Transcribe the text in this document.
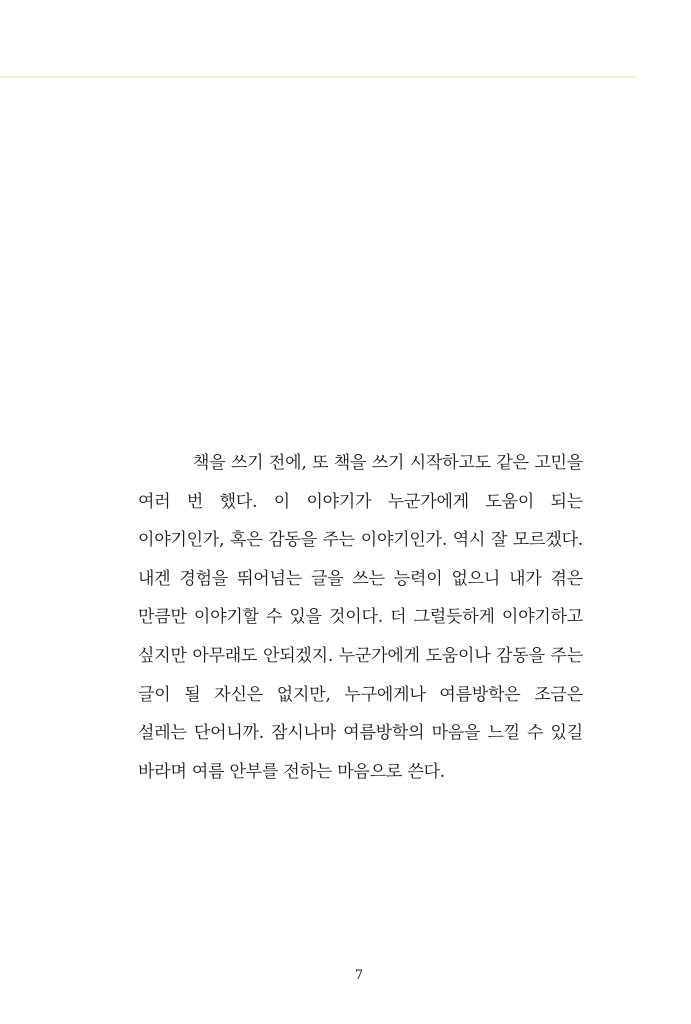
책을 쓰기 전에, 또 책을 쓰기 시작하고도 같은 고민을 여러 번 했다. 이 이야기가 누군가에게 도움이 되는 이야기인가, 혹은 감동을 주는 이야기인가. 역시 잘 모르겠다. 내겐 경험을 뛰어넘는 글을 쓰는 능력이 없으니 내가 겪은 만큼만 이야기할 수 있을 것이다. 더 그럴듯하게 이야기하고 싶지만 아무래도 안되겠지. 누군가에게 도움이나 감동을 주는 글이 될 자신은 없지만, 누구에게나 여름방학은 조금은 설레는 단어니까. 잠시나마 여름방학의 마음을 느낄 수 있길 바라며 여름 안부를 전하는 마음으로 쓴다.

7
